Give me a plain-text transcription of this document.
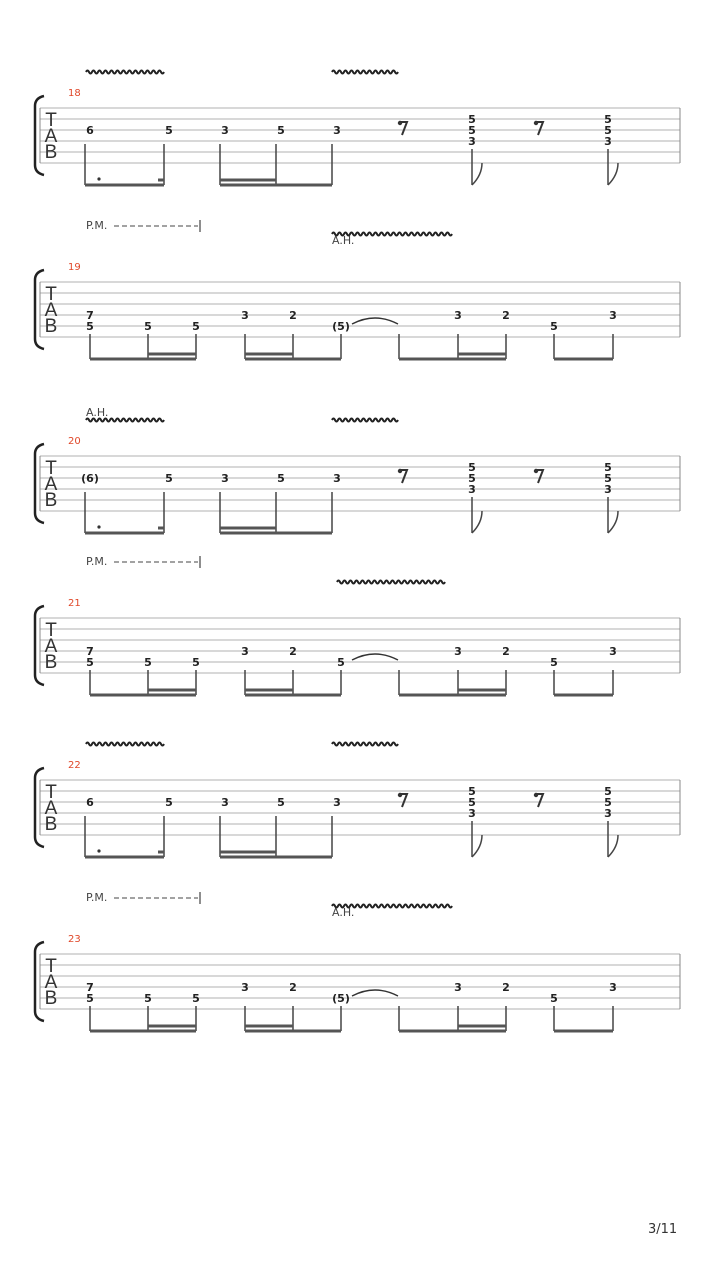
T
A
B
18
6	5	3	5	3
5
5
3
5
5
3
T
A
B
19
P.M.
A.H.
7
5	5	5
3	2
(5)
3	2
5
3
T
A
B
20
A.H.
(6)	5	3	5	3
5
5
3
5
5
3
T
A
B
21
P.M.
7
5	5	5
3	2
5
3	2
5
3
T
A
B
22
6	5	3	5	3
5
5
3
5
5
3
T
A
B
23
P.M.
A.H.
7
5	5	5
3	2
(5)
3	2
5
3
3/11
